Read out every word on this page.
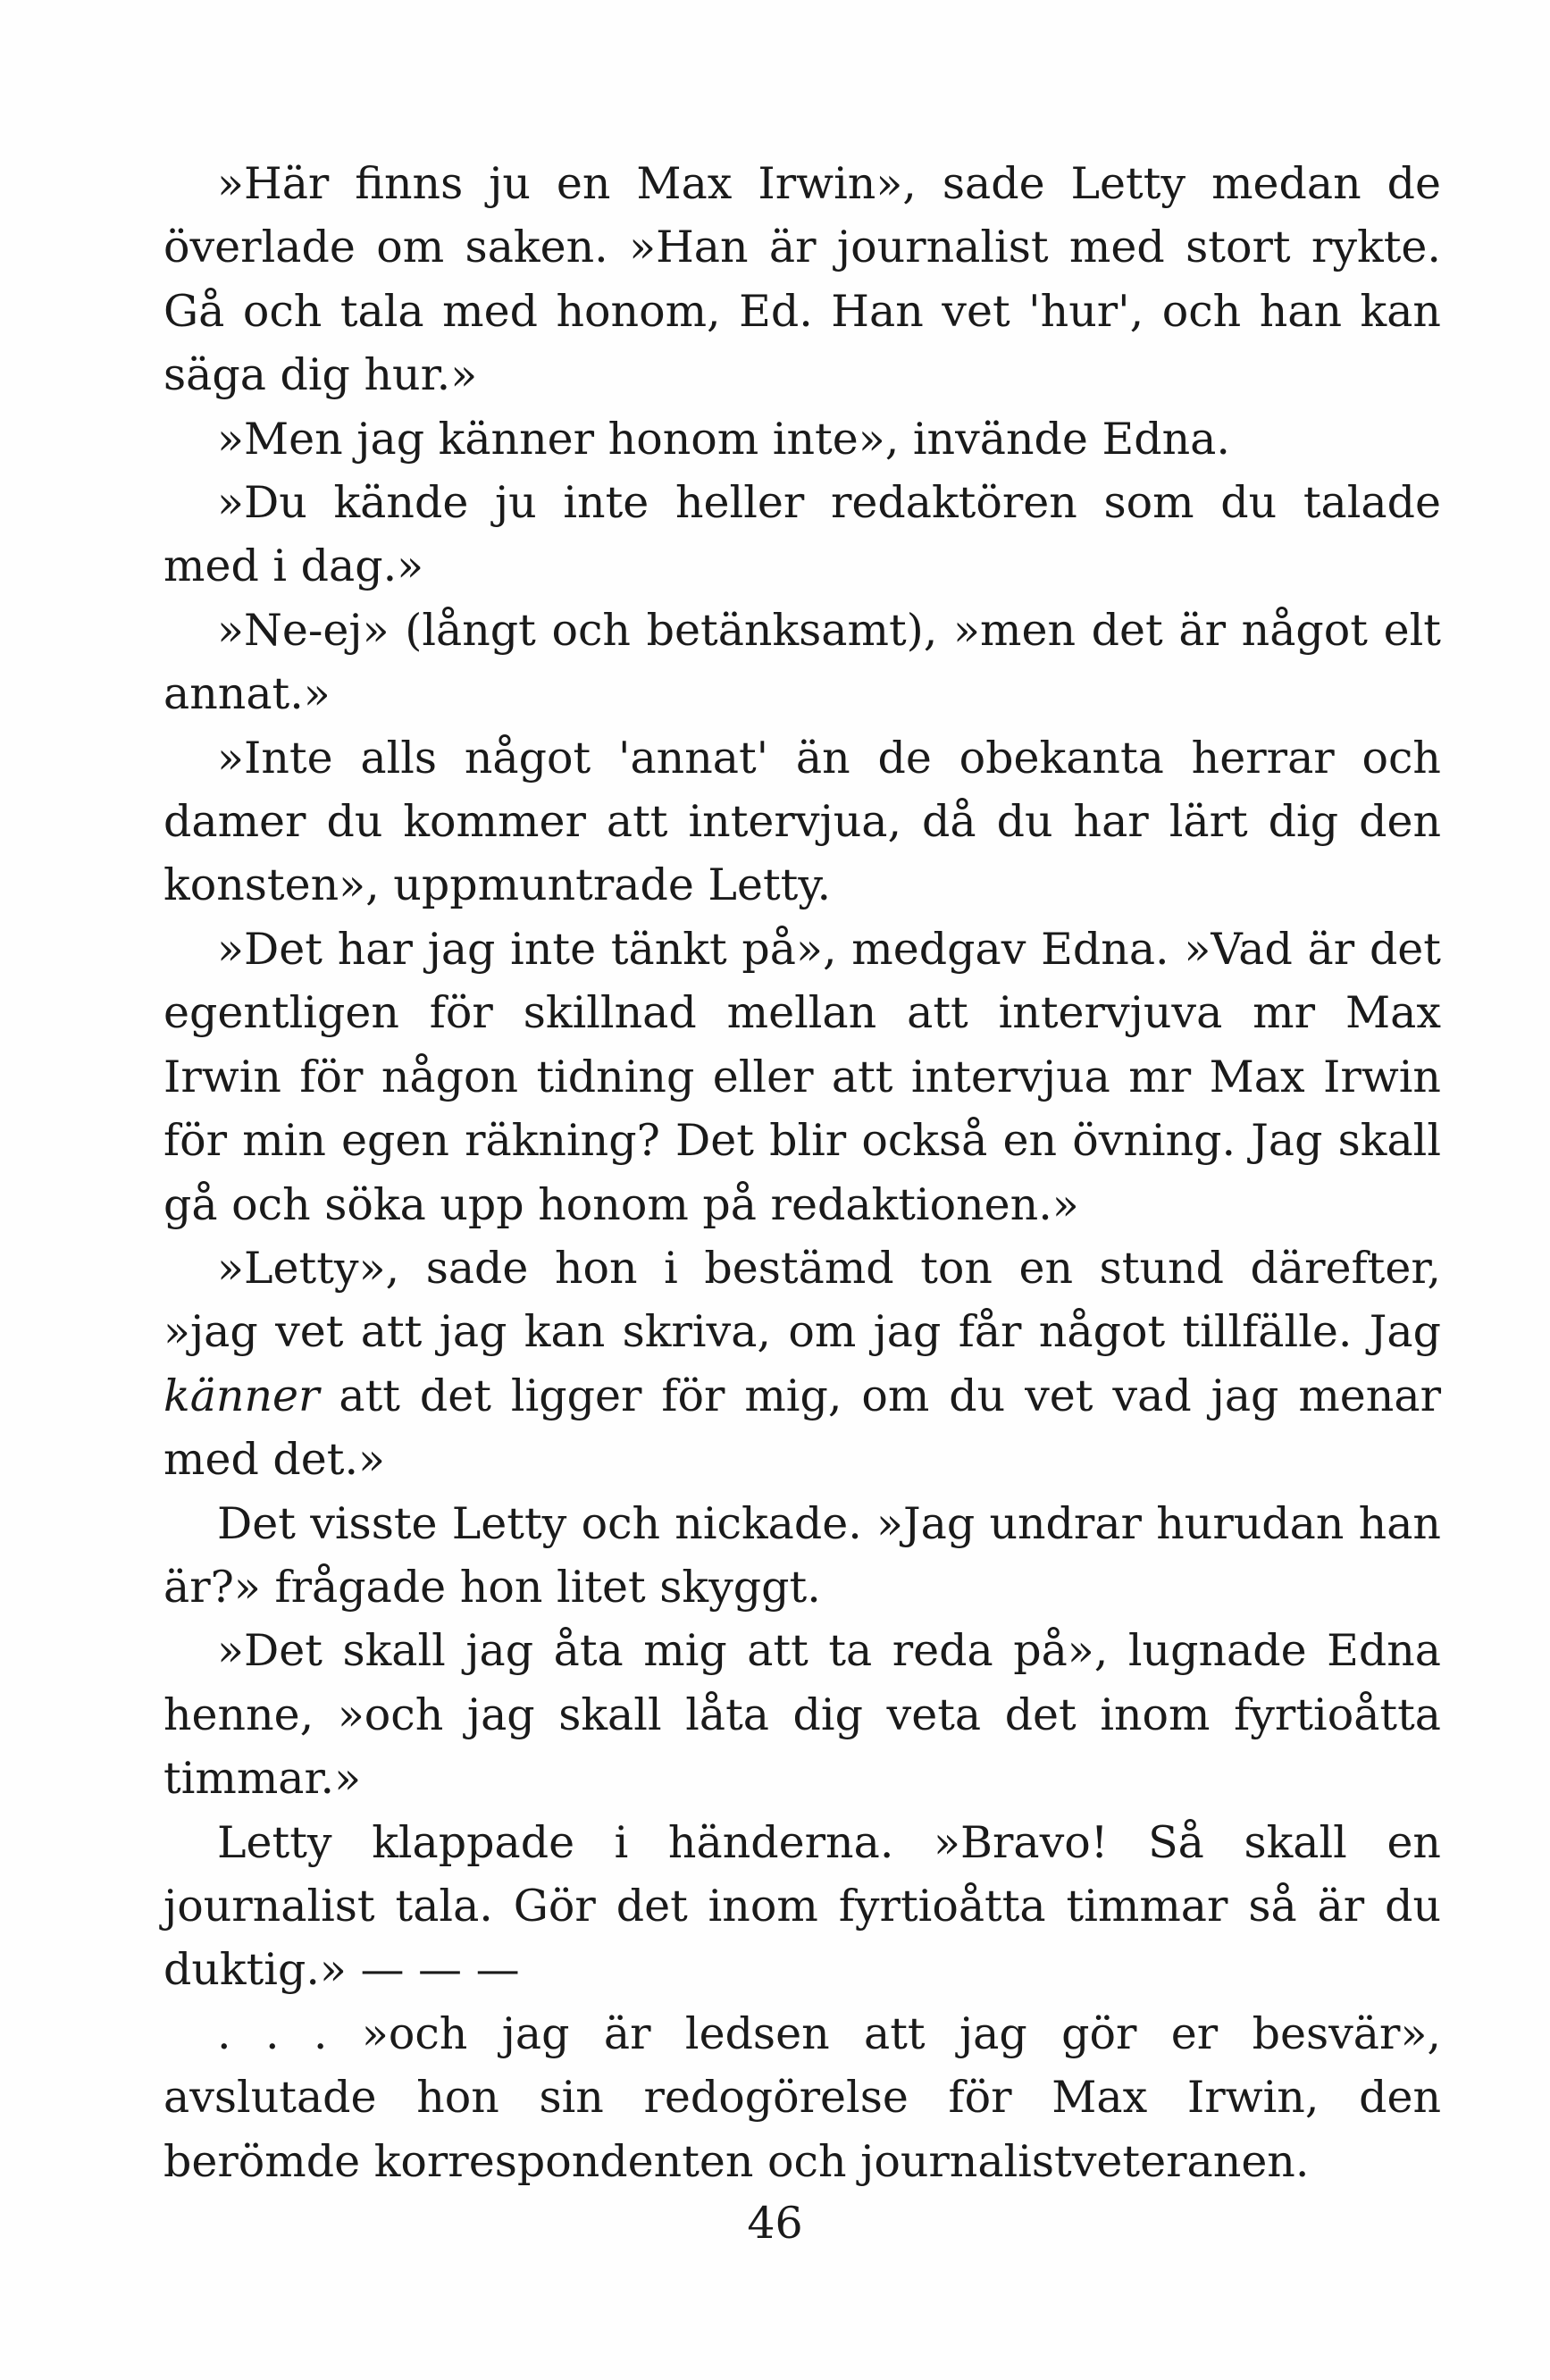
»Här finns ju en Max Irwin», sade Letty medan de överlade om saken. »Han är journalist med stort rykte. Gå och tala med honom, Ed. Han vet 'hur', och han kan säga dig hur.»

»Men jag känner honom inte», invände Edna.

»Du kände ju inte heller redaktören som du talade med i dag.»

»Ne-ej» (långt och betänksamt), »men det är något elt annat.»

»Inte alls något 'annat' än de obekanta herrar och damer du kommer att intervjua, då du har lärt dig den konsten», uppmuntrade Letty.

»Det har jag inte tänkt på», medgav Edna. »Vad är det egentligen för skillnad mellan att intervjuva mr Max Irwin för någon tidning eller att intervjua mr Max Irwin för min egen räkning? Det blir också en övning. Jag skall gå och söka upp honom på redaktionen.»

»Letty», sade hon i bestämd ton en stund därefter, »jag vet att jag kan skriva, om jag får något tillfälle. Jag känner att det ligger för mig, om du vet vad jag menar med det.»

Det visste Letty och nickade. »Jag undrar hurudan han är?» frågade hon litet skyggt.

»Det skall jag åta mig att ta reda på», lugnade Edna henne, »och jag skall låta dig veta det inom fyrtioåtta timmar.»

Letty klappade i händerna. »Bravo! Så skall en journalist tala. Gör det inom fyrtioåtta timmar så är du duktig.» — — —

. . . »och jag är ledsen att jag gör er besvär», avslutade hon sin redogörelse för Max Irwin, den berömde korrespondenten och journalistveteranen.

46
